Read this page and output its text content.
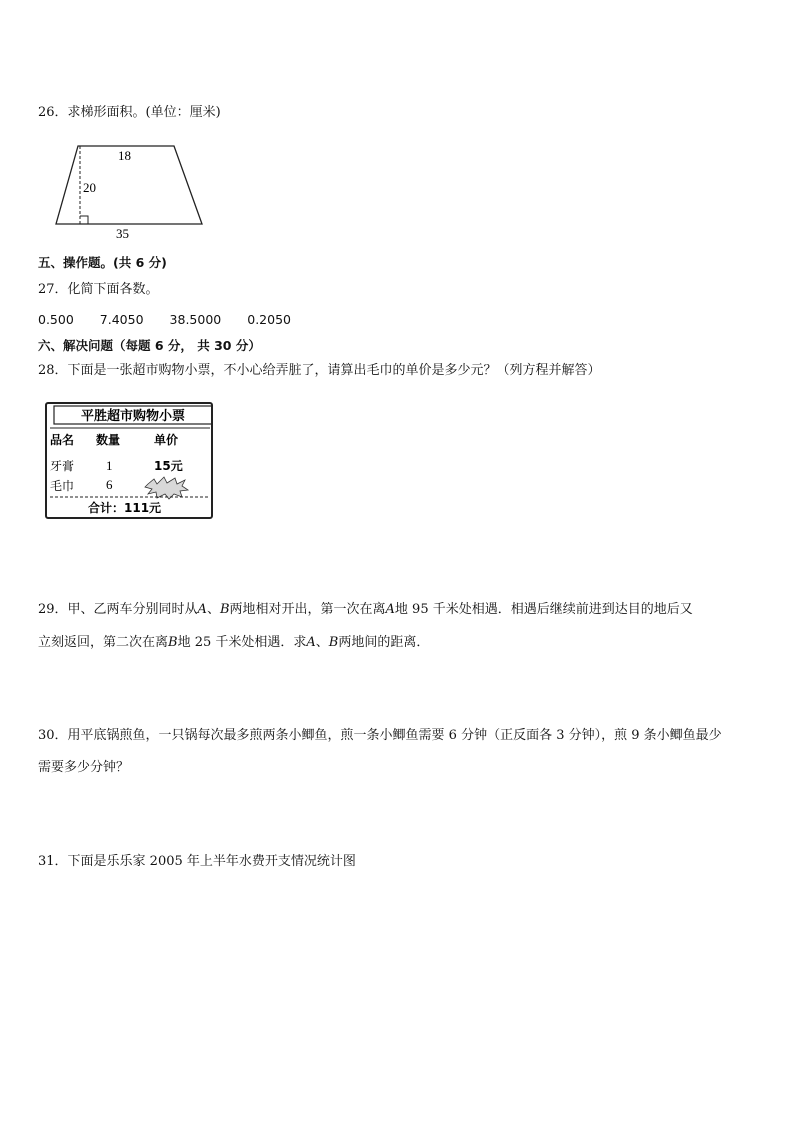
26．求梯形面积。(单位：厘米)
18
20
35
五、操作题。(共 6 分)
27．化简下面各数。
0.500 7.4050 38.5000 0.2050
六、解决问题（每题 6 分， 共 30 分）
28．下面是一张超市购物小票，不小心给弄脏了，请算出毛巾的单价是多少元？（列方程并解答）
平胜超市购物小票
品名 数量	单价
牙膏 1	15元
毛巾 6
合计：111元
29．甲、乙两车分别同时从A、B两地相对开出，第一次在离A地 95 千米处相遇．相遇后继续前进到达目的地后又
立刻返回，第二次在离B地 25 千米处相遇．求A、B两地间的距离．
30．用平底锅煎鱼，一只锅每次最多煎两条小鲫鱼，煎一条小鲫鱼需要 6 分钟（正反面各 3 分钟），煎 9 条小鲫鱼最少
需要多少分钟？
31．下面是乐乐家 2005 年上半年水费开支情况统计图
